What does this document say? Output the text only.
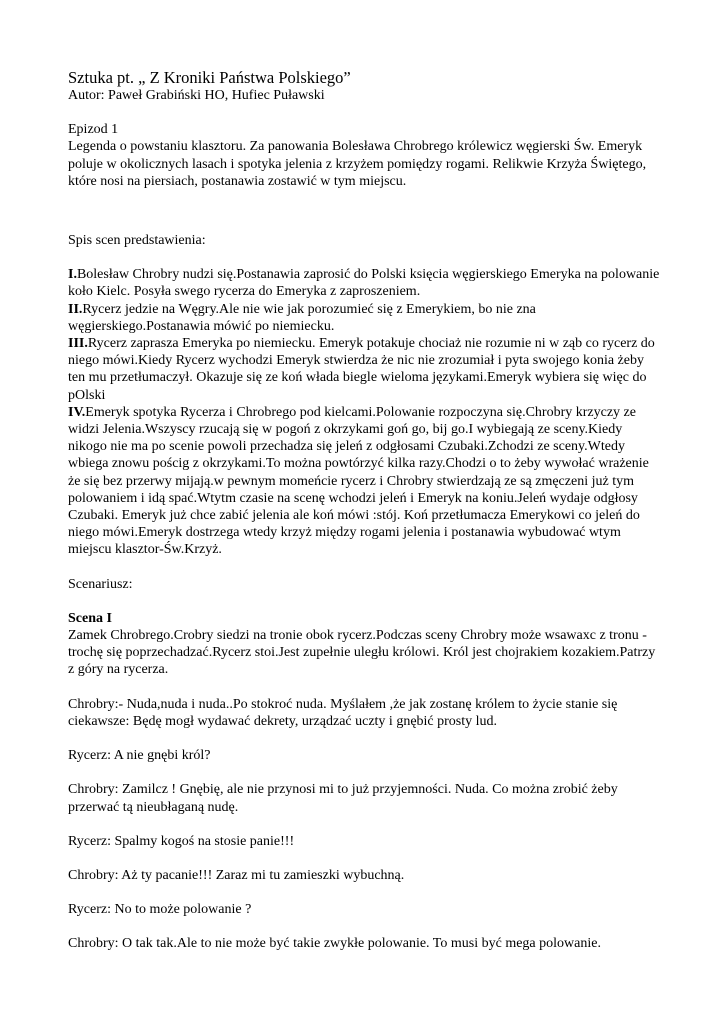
Sztuka pt. „ Z Kroniki Państwa Polskiego”

Autor: Paweł Grabiński HO, Hufiec Puławski

Epizod 1

Legenda o powstaniu klasztoru. Za panowania Bolesława Chrobrego królewicz węgierski Św. Emeryk poluje w okolicznych lasach i spotyka jelenia z krzyżem pomiędzy rogami. Relikwie Krzyża Świętego, które nosi na piersiach, postanawia zostawić w tym miejscu.

Spis scen predstawienia:

I.Bolesław Chrobry nudzi się.Postanawia zaprosić do Polski księcia węgierskiego Emeryka na polowanie koło Kielc. Posyła swego rycerza do Emeryka z zaproszeniem.

II.Rycerz jedzie na Węgry.Ale nie wie jak porozumieć się z Emerykiem, bo nie zna węgierskiego.Postanawia mówić po niemiecku.

III.Rycerz zaprasza Emeryka po niemiecku. Emeryk potakuje chociaż nie rozumie ni w ząb co rycerz do niego mówi.Kiedy Rycerz wychodzi Emeryk stwierdza że nic nie zrozumiał i pyta swojego konia żeby ten mu przetłumaczył. Okazuje się ze koń włada biegle wieloma językami.Emeryk wybiera się więc do pOlski

IV.Emeryk spotyka Rycerza i Chrobrego pod kielcami.Polowanie rozpoczyna się.Chrobry krzyczy ze widzi Jelenia.Wszyscy rzucają się w pogoń z okrzykami goń go, bij go.I wybiegają ze sceny.Kiedy nikogo nie ma po scenie powoli przechadza się jeleń z odgłosami Czubaki.Zchodzi ze sceny.Wtedy wbiega znowu pościg z okrzykami.To można powtórzyć kilka razy.Chodzi o to żeby wywołać wrażenie że się bez przerwy mijają.w pewnym momeńcie rycerz i Chrobry stwierdzają ze są zmęczeni już tym polowaniem i idą spać.Wtytm czasie na scenę wchodzi jeleń i Emeryk na koniu.Jeleń wydaje odgłosy Czubaki. Emeryk już chce zabić jelenia ale koń mówi :stój. Koń przetłumacza Emerykowi co jeleń do niego mówi.Emeryk dostrzega wtedy krzyż między rogami jelenia i postanawia wybudować wtym miejscu klasztor-Św.Krzyż.

Scenariusz:

Scena I

Zamek Chrobrego.Crobry siedzi na tronie obok rycerz.Podczas sceny Chrobry może wsawaxc z tronu -trochę się poprzechadzać.Rycerz stoi.Jest zupełnie uległu królowi. Król jest chojrakiem kozakiem.Patrzy z góry na rycerza.

Chrobry:- Nuda,nuda i nuda..Po stokroć nuda. Myślałem ,że jak zostanę królem to życie stanie się ciekawsze: Będę mogł wydawać dekrety, urządzać uczty i gnębić prosty lud.

Rycerz: A nie gnębi król?

Chrobry: Zamilcz ! Gnębię, ale nie przynosi mi to już przyjemności. Nuda. Co można zrobić żeby przerwać tą nieubłaganą nudę.

Rycerz: Spalmy kogoś na stosie panie!!!

Chrobry: Aż ty pacanie!!! Zaraz mi tu zamieszki wybuchną.

Rycerz: No to może polowanie ?

Chrobry: O tak tak.Ale to nie może być takie zwykłe polowanie. To musi być mega polowanie.
